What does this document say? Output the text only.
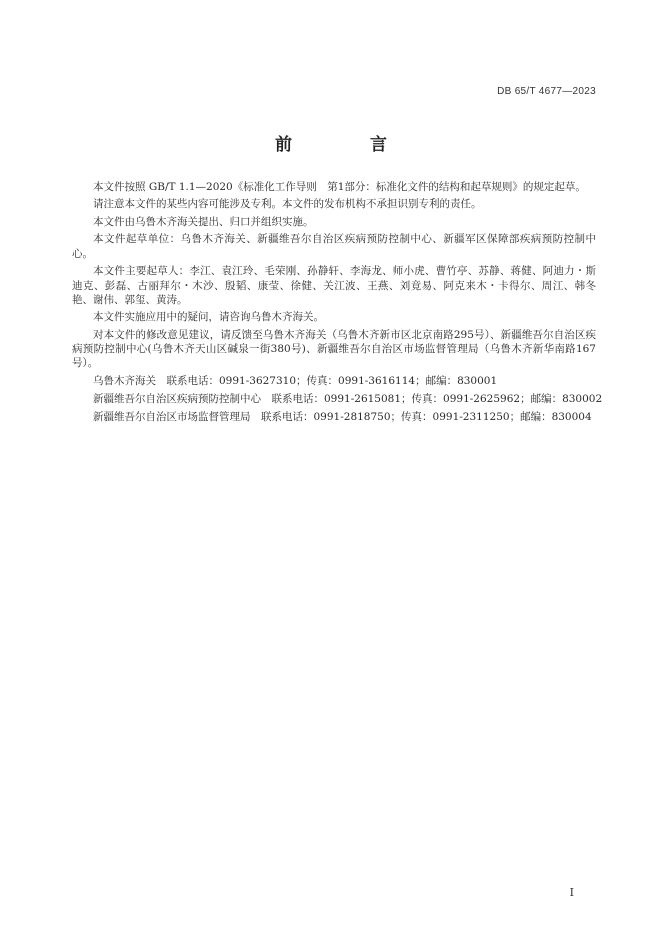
DB 65/T 4677—2023
前 言

本文件按照 GB/T 1.1—2020《标准化工作导则　第1部分：标准化文件的结构和起草规则》的规定起草。

请注意本文件的某些内容可能涉及专利。本文件的发布机构不承担识别专利的责任。

本文件由乌鲁木齐海关提出、归口并组织实施。

本文件起草单位：乌鲁木齐海关、新疆维吾尔自治区疾病预防控制中心、新疆军区保障部疾病预防控制中心。

本文件主要起草人：李江、袁江玲、毛荣刚、孙静轩、李海龙、师小虎、曹竹亭、苏静、蒋健、阿迪力・斯迪克、彭磊、古丽拜尔・木沙、殷韬、康莹、徐健、关江波、王燕、刘竟易、阿克来木・卡得尔、周江、韩冬艳、谢伟、郭玺、黄涛。

本文件实施应用中的疑问，请咨询乌鲁木齐海关。

对本文件的修改意见建议，请反馈至乌鲁木齐海关（乌鲁木齐新市区北京南路295号）、新疆维吾尔自治区疾病预防控制中心(乌鲁木齐天山区碱泉一街380号)、新疆维吾尔自治区市场监督管理局（乌鲁木齐新华南路167号）。

乌鲁木齐海关　联系电话：0991-3627310；传真：0991-3616114；邮编：830001

新疆维吾尔自治区疾病预防控制中心　联系电话：0991-2615081；传真：0991-2625962；邮编：830002

新疆维吾尔自治区市场监督管理局　联系电话：0991-2818750；传真：0991-2311250；邮编：830004

I
